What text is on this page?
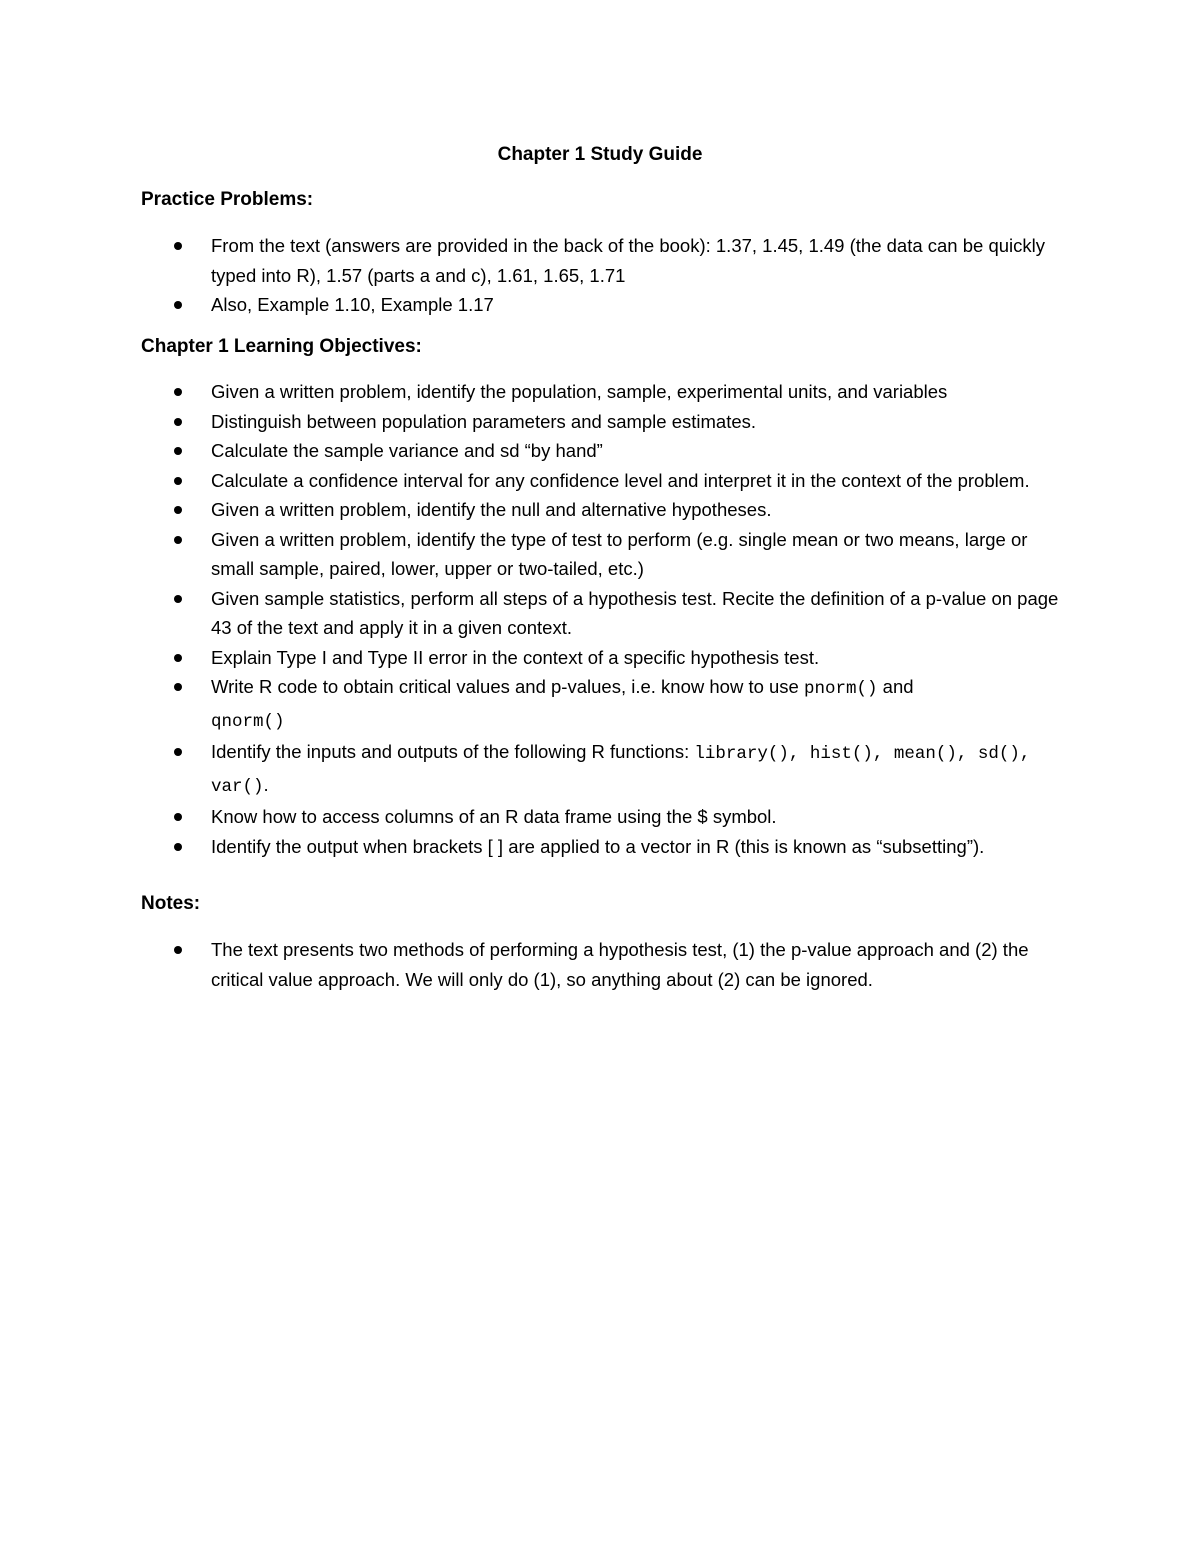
Chapter 1 Study Guide
Practice Problems:
From the text (answers are provided in the back of the book): 1.37, 1.45, 1.49 (the data can be quickly typed into R), 1.57 (parts a and c), 1.61, 1.65, 1.71
Also, Example 1.10, Example 1.17
Chapter 1 Learning Objectives:
Given a written problem, identify the population, sample, experimental units, and variables
Distinguish between population parameters and sample estimates.
Calculate the sample variance and sd “by hand”
Calculate a confidence interval for any confidence level and interpret it in the context of the problem.
Given a written problem, identify the null and alternative hypotheses.
Given a written problem, identify the type of test to perform (e.g. single mean or two means, large or small sample, paired, lower, upper or two-tailed, etc.)
Given sample statistics, perform all steps of a hypothesis test. Recite the definition of a p-value on page 43 of the text and apply it in a given context.
Explain Type I and Type II error in the context of a specific hypothesis test.
Write R code to obtain critical values and p-values, i.e. know how to use pnorm() and
qnorm()
Identify the inputs and outputs of the following R functions: library(), hist(), mean(), sd(), var().
Know how to access columns of an R data frame using the $ symbol.
Identify the output when brackets [ ] are applied to a vector in R (this is known as “subsetting”).
Notes:
The text presents two methods of performing a hypothesis test, (1) the p-value approach and (2) the critical value approach. We will only do (1), so anything about (2) can be ignored.
